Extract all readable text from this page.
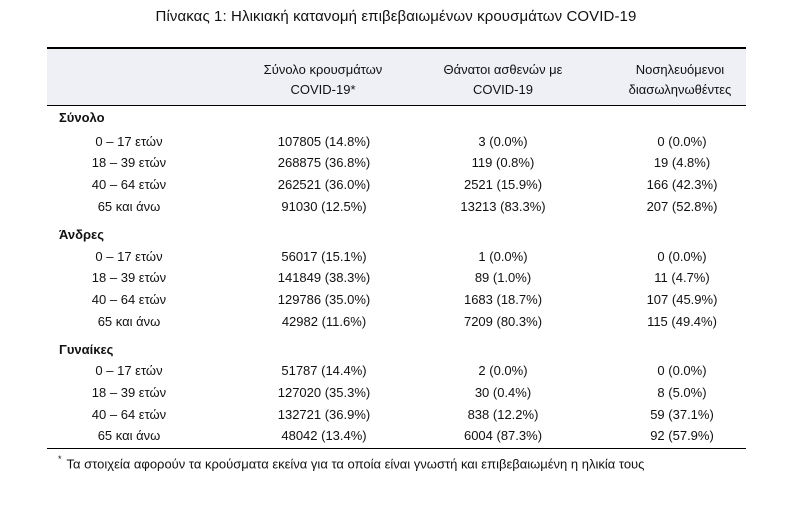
Πίνακας 1: Ηλικιακή κατανομή επιβεβαιωμένων κρουσμάτων COVID-19
Σύνολο κρουσμάτων
COVID-19*
Θάνατοι ασθενών με
COVID-19
Νοσηλευόμενοι
διασωληνωθέντες
Σύνολο
0 – 17 ετών	107805 (14.8%)	3 (0.0%)	0 (0.0%)
18 – 39 ετών	268875 (36.8%)	119 (0.8%)	19 (4.8%)
40 – 64 ετών	262521 (36.0%)	2521 (15.9%)	166 (42.3%)
65 και άνω	91030 (12.5%)	13213 (83.3%)	207 (52.8%)
Άνδρες
0 – 17 ετών	56017 (15.1%)	1 (0.0%)	0 (0.0%)
18 – 39 ετών	141849 (38.3%)	89 (1.0%)	11 (4.7%)
40 – 64 ετών	129786 (35.0%)	1683 (18.7%)	107 (45.9%)
65 και άνω	42982 (11.6%)	7209 (80.3%)	115 (49.4%)
Γυναίκες
0 – 17 ετών	51787 (14.4%)	2 (0.0%)	0 (0.0%)
18 – 39 ετών	127020 (35.3%)	30 (0.4%)	8 (5.0%)
40 – 64 ετών	132721 (36.9%)	838 (12.2%)	59 (37.1%)
65 και άνω	48042 (13.4%)	6004 (87.3%)	92 (57.9%)
* Τα στοιχεία αφορούν τα κρούσματα εκείνα για τα οποία είναι γνωστή και επιβεβαιωμένη η ηλικία τους
